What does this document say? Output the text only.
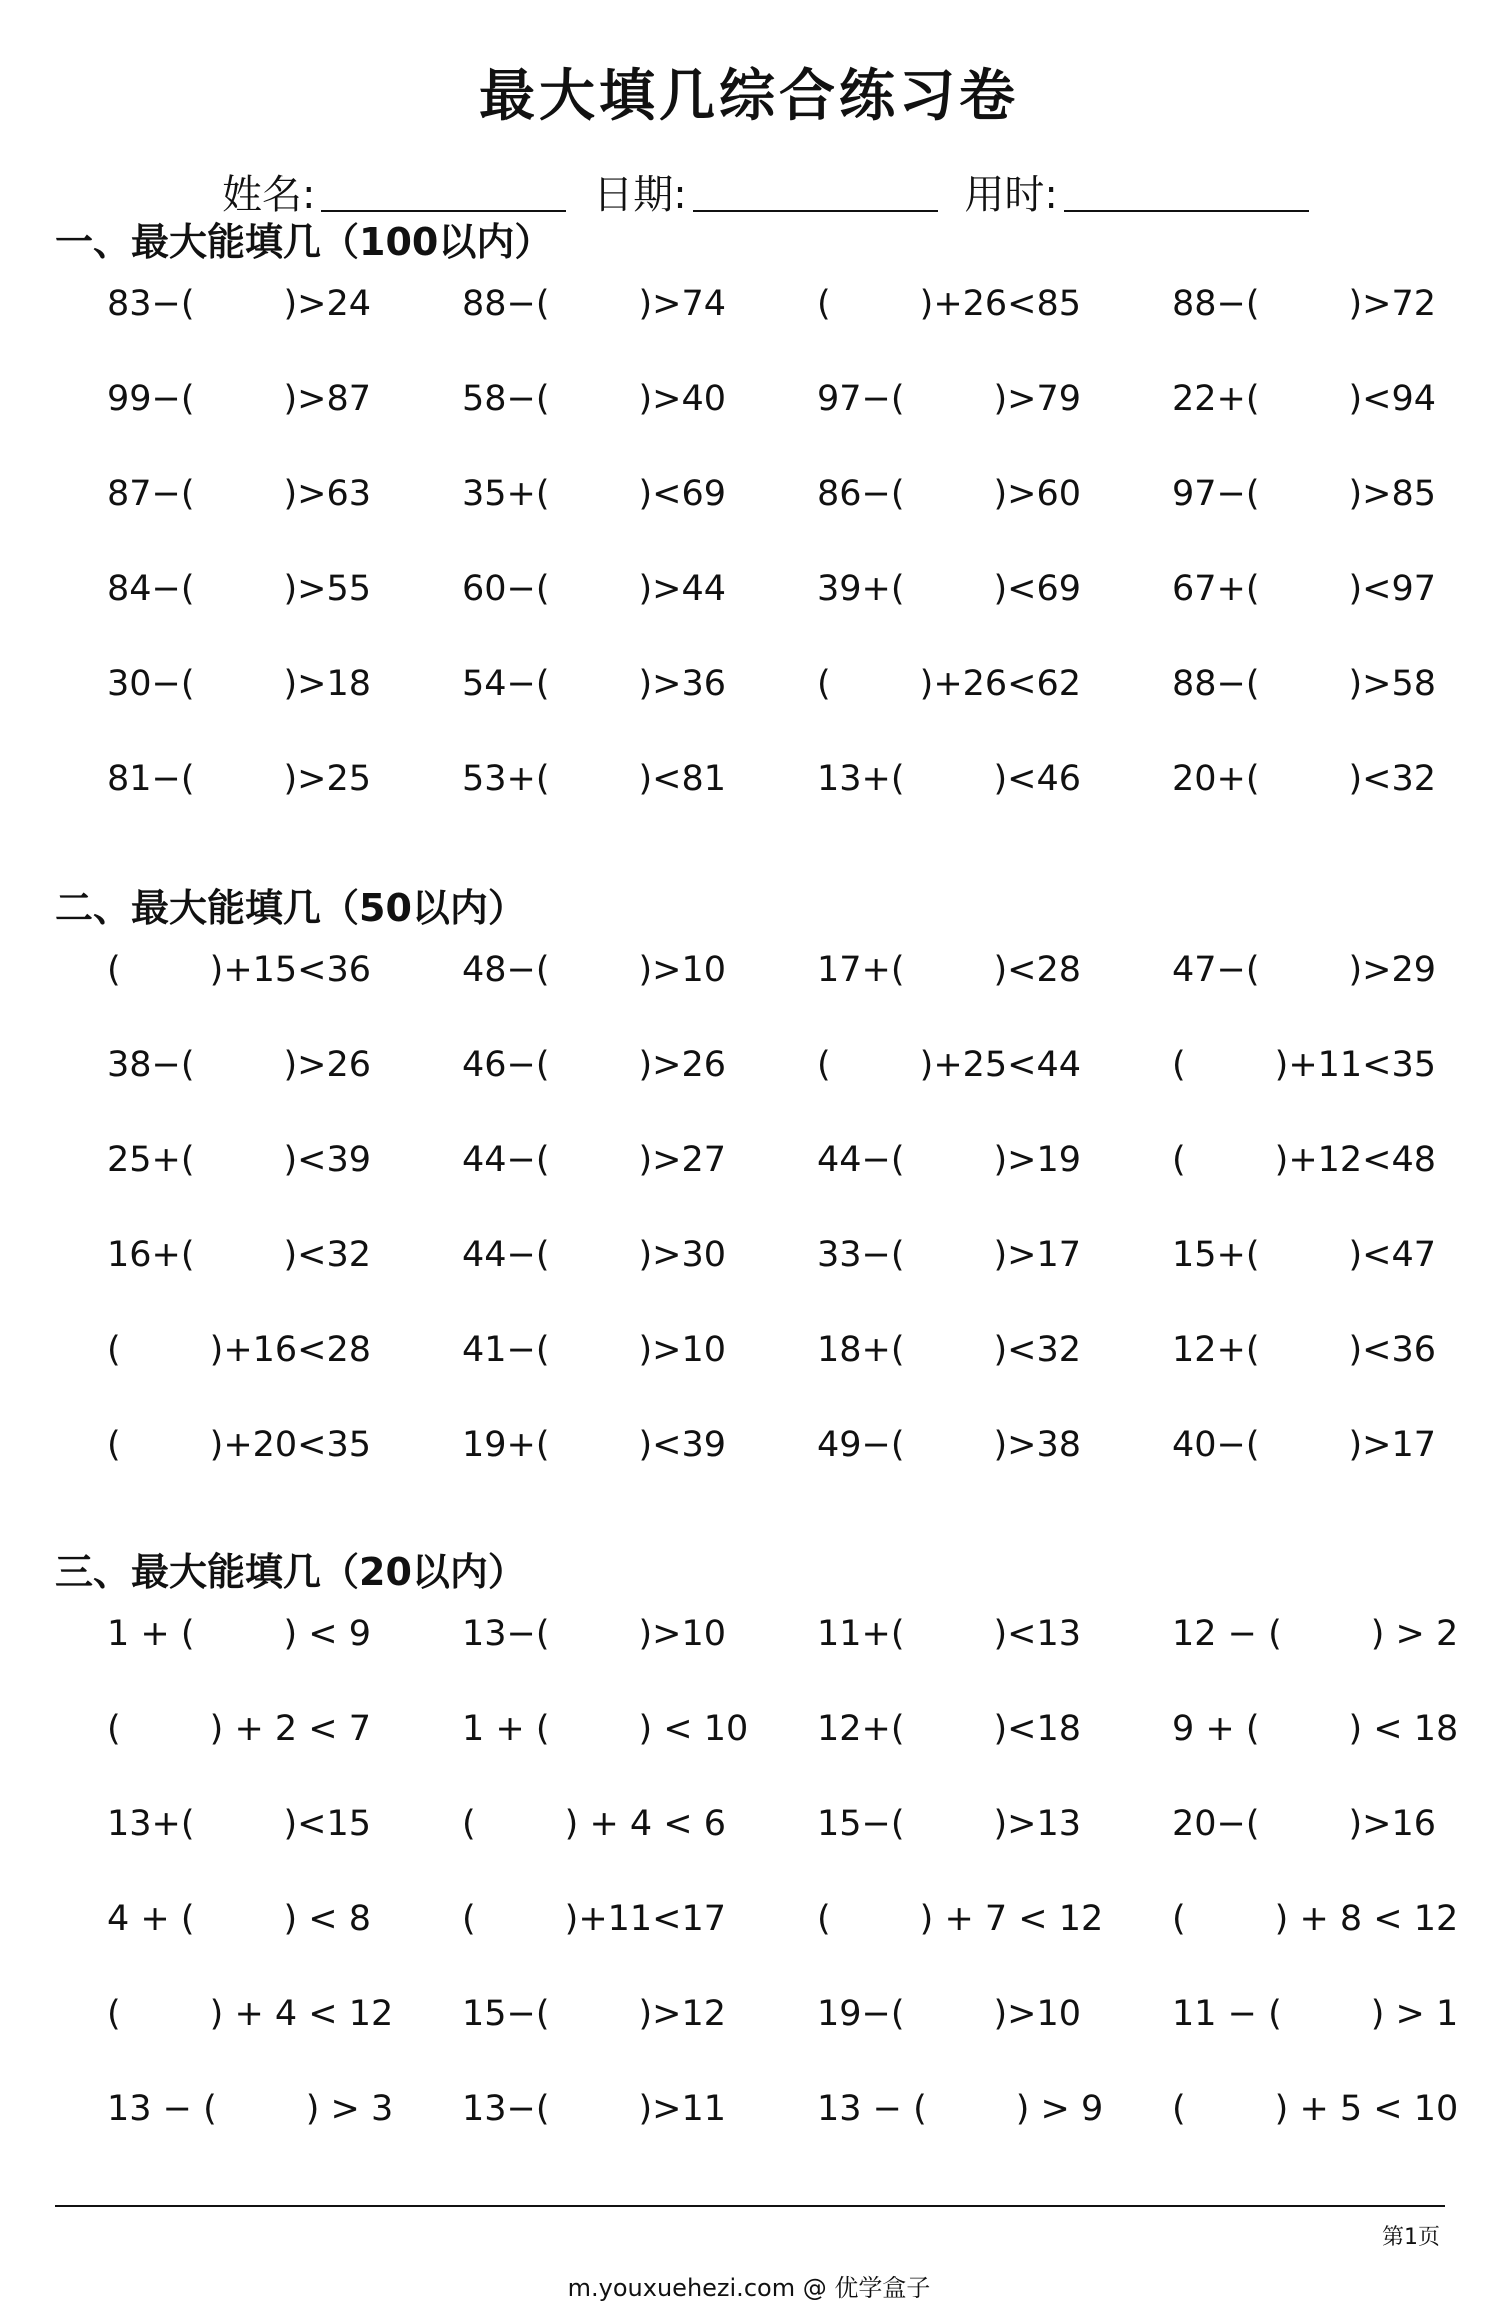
最大填几综合练习卷
姓名:	日期:	用时:
一、最大能填几（100以内）
83−(        )>24	88−(        )>74	(        )+26<85	88−(        )>72
99−(        )>87	58−(        )>40	97−(        )>79	22+(        )<94
87−(        )>63	35+(        )<69	86−(        )>60	97−(        )>85
84−(        )>55	60−(        )>44	39+(        )<69	67+(        )<97
30−(        )>18	54−(        )>36	(        )+26<62	88−(        )>58
81−(        )>25	53+(        )<81	13+(        )<46	20+(        )<32
二、最大能填几（50以内）
(        )+15<36	48−(        )>10	17+(        )<28	47−(        )>29
38−(        )>26	46−(        )>26	(        )+25<44	(        )+11<35
25+(        )<39	44−(        )>27	44−(        )>19	(        )+12<48
16+(        )<32	44−(        )>30	33−(        )>17	15+(        )<47
(        )+16<28	41−(        )>10	18+(        )<32	12+(        )<36
(        )+20<35	19+(        )<39	49−(        )>38	40−(        )>17
三、最大能填几（20以内）
1 + (        ) < 9	13−(        )>10	11+(        )<13	12 − (        ) > 2
(        ) + 2 < 7	1 + (        ) < 10	12+(        )<18	9 + (        ) < 18
13+(        )<15	(        ) + 4 < 6	15−(        )>13	20−(        )>16
4 + (        ) < 8	(        )+11<17	(        ) + 7 < 12	(        ) + 8 < 12
(        ) + 4 < 12	15−(        )>12	19−(        )>10	11 − (        ) > 1
13 − (        ) > 3	13−(        )>11	13 − (        ) > 9	(        ) + 5 < 10
第1页
m.youxuehezi.com @ 优学盒子
